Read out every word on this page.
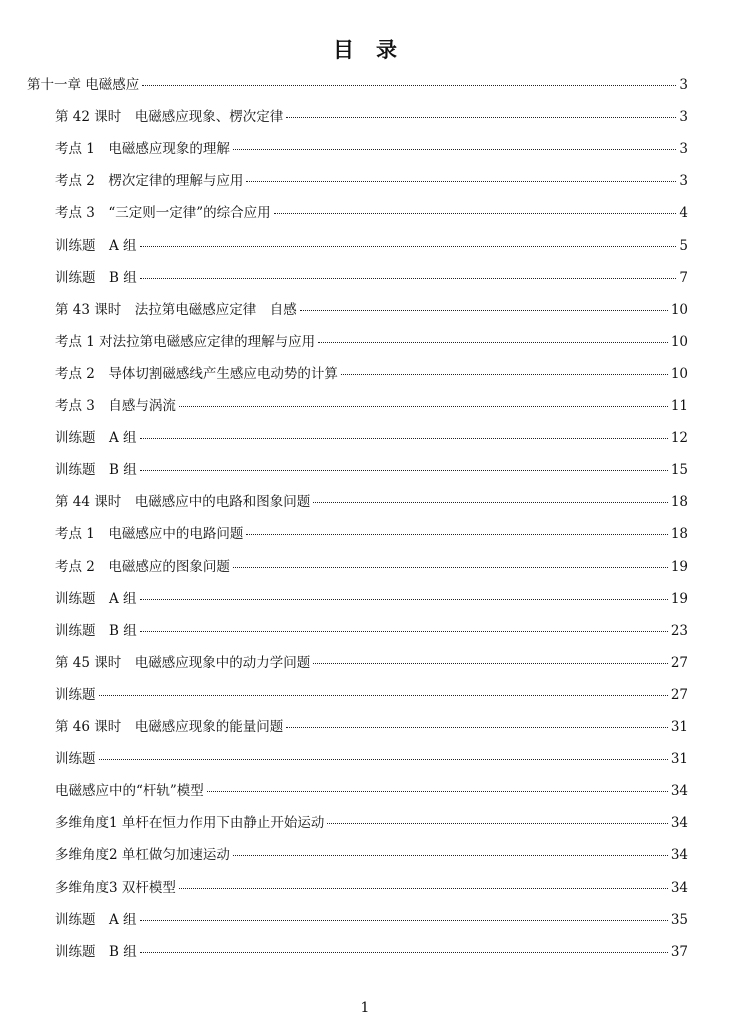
目录
第十一章 电磁感应	3
第 42 课时　电磁感应现象、楞次定律	3
考点 1　电磁感应现象的理解	3
考点 2　楞次定律的理解与应用	3
考点 3　“三定则一定律”的综合应用	4
训练题　A 组	5
训练题　B 组	7
第 43 课时　法拉第电磁感应定律　自感	10
考点 1 对法拉第电磁感应定律的理解与应用	10
考点 2　导体切割磁感线产生感应电动势的计算	10
考点 3　自感与涡流	11
训练题　A 组	12
训练题　B 组	15
第 44 课时　电磁感应中的电路和图象问题	18
考点 1　电磁感应中的电路问题	18
考点 2　电磁感应的图象问题	19
训练题　A 组	19
训练题　B 组	23
第 45 课时　电磁感应现象中的动力学问题	27
训练题	27
第 46 课时　电磁感应现象的能量问题	31
训练题	31
电磁感应中的“杆轨”模型	34
多维角度1 单杆在恒力作用下由静止开始运动	34
多维角度2 单杠做匀加速运动	34
多维角度3 双杆模型	34
训练题　A 组	35
训练题　B 组	37
1
